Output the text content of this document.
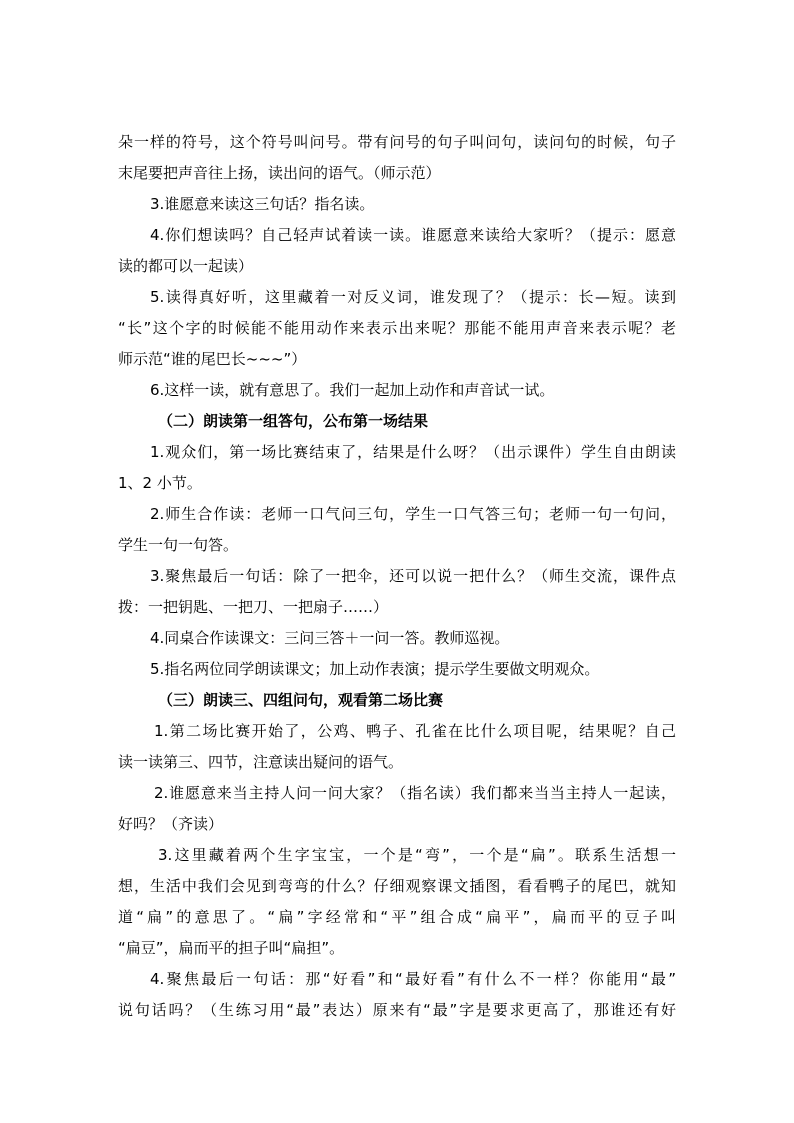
朵一样的符号，这个符号叫问号。带有问号的句子叫问句，读问句的时候，句子
末尾要把声音往上扬，读出问的语气。（师示范）
3.谁愿意来读这三句话？指名读。
4.你们想读吗？自己轻声试着读一读。谁愿意来读给大家听？（提示：愿意
读的都可以一起读）
5.读得真好听，这里藏着一对反义词，谁发现了？（提示：长—短。读到
“长”这个字的时候能不能用动作来表示出来呢？那能不能用声音来表示呢？老
师示范“谁的尾巴长~~~”）
6.这样一读，就有意思了。我们一起加上动作和声音试一试。
（二）朗读第一组答句，公布第一场结果
1.观众们，第一场比赛结束了，结果是什么呀？（出示课件）学生自由朗读
1、2 小节。
2.师生合作读：老师一口气问三句，学生一口气答三句；老师一句一句问，
学生一句一句答。
3.聚焦最后一句话：除了一把伞，还可以说一把什么？（师生交流，课件点
拨：一把钥匙、一把刀、一把扇子……）
4.同桌合作读课文：三问三答＋一问一答。教师巡视。
5.指名两位同学朗读课文；加上动作表演；提示学生要做文明观众。
（三）朗读三、四组问句，观看第二场比赛
1.第二场比赛开始了，公鸡、鸭子、孔雀在比什么项目呢，结果呢？自己
读一读第三、四节，注意读出疑问的语气。
2.谁愿意来当主持人问一问大家？（指名读）我们都来当当主持人一起读，
好吗？（齐读）
3.这里藏着两个生字宝宝，一个是“弯”，一个是“扁”。联系生活想一
想，生活中我们会见到弯弯的什么？仔细观察课文插图，看看鸭子的尾巴，就知
道“扁”的意思了。“扁”字经常和“平”组合成“扁平”，扁而平的豆子叫
“扁豆”，扁而平的担子叫“扁担”。
4.聚焦最后一句话：那“好看”和“最好看”有什么不一样？你能用“最”
说句话吗？（生练习用“最”表达）原来有“最”字是要求更高了，那谁还有好
